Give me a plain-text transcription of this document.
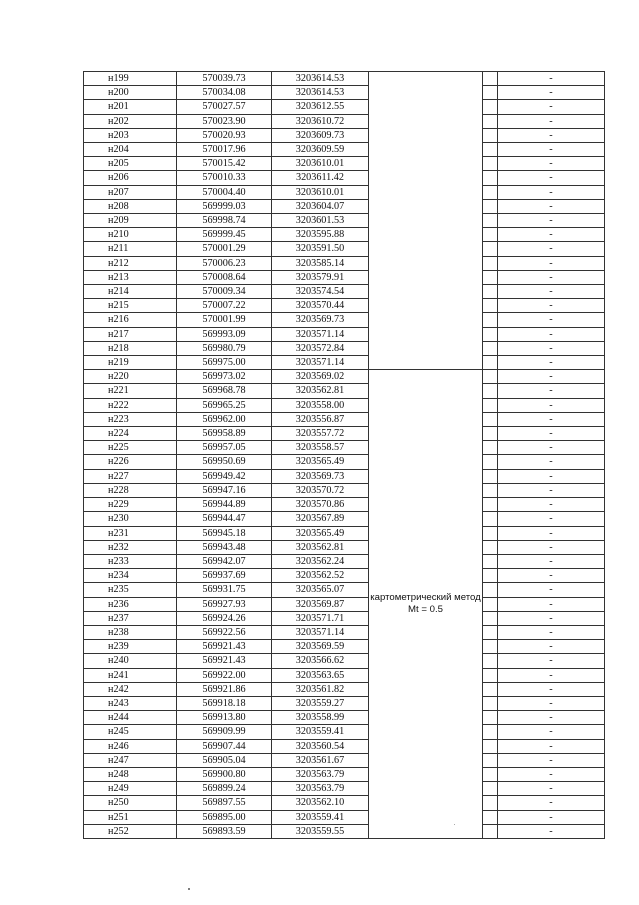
н199	570039.73	3203614.53			-
н200	570034.08	3203614.53			-
н201	570027.57	3203612.55			-
н202	570023.90	3203610.72			-
н203	570020.93	3203609.73			-
н204	570017.96	3203609.59			-
н205	570015.42	3203610.01			-
н206	570010.33	3203611.42			-
н207	570004.40	3203610.01			-
н208	569999.03	3203604.07			-
н209	569998.74	3203601.53			-
н210	569999.45	3203595.88			-
н211	570001.29	3203591.50			-
н212	570006.23	3203585.14			-
н213	570008.64	3203579.91			-
н214	570009.34	3203574.54			-
н215	570007.22	3203570.44			-
н216	570001.99	3203569.73			-
н217	569993.09	3203571.14			-
н218	569980.79	3203572.84			-
н219	569975.00	3203571.14			-
н220	569973.02	3203569.02	картометрический метод Mt = 0.5		-
н221	569968.78	3203562.81			-
н222	569965.25	3203558.00			-
н223	569962.00	3203556.87			-
н224	569958.89	3203557.72			-
н225	569957.05	3203558.57			-
н226	569950.69	3203565.49			-
н227	569949.42	3203569.73			-
н228	569947.16	3203570.72			-
н229	569944.89	3203570.86			-
н230	569944.47	3203567.89			-
н231	569945.18	3203565.49			-
н232	569943.48	3203562.81			-
н233	569942.07	3203562.24			-
н234	569937.69	3203562.52			-
н235	569931.75	3203565.07			-
н236	569927.93	3203569.87			-
н237	569924.26	3203571.71			-
н238	569922.56	3203571.14			-
н239	569921.43	3203569.59			-
н240	569921.43	3203566.62			-
н241	569922.00	3203563.65			-
н242	569921.86	3203561.82			-
н243	569918.18	3203559.27			-
н244	569913.80	3203558.99			-
н245	569909.99	3203559.41			-
н246	569907.44	3203560.54			-
н247	569905.04	3203561.67			-
н248	569900.80	3203563.79			-
н249	569899.24	3203563.79			-
н250	569897.55	3203562.10			-
н251	569895.00	3203559.41			-
н252	569893.59	3203559.55			-
